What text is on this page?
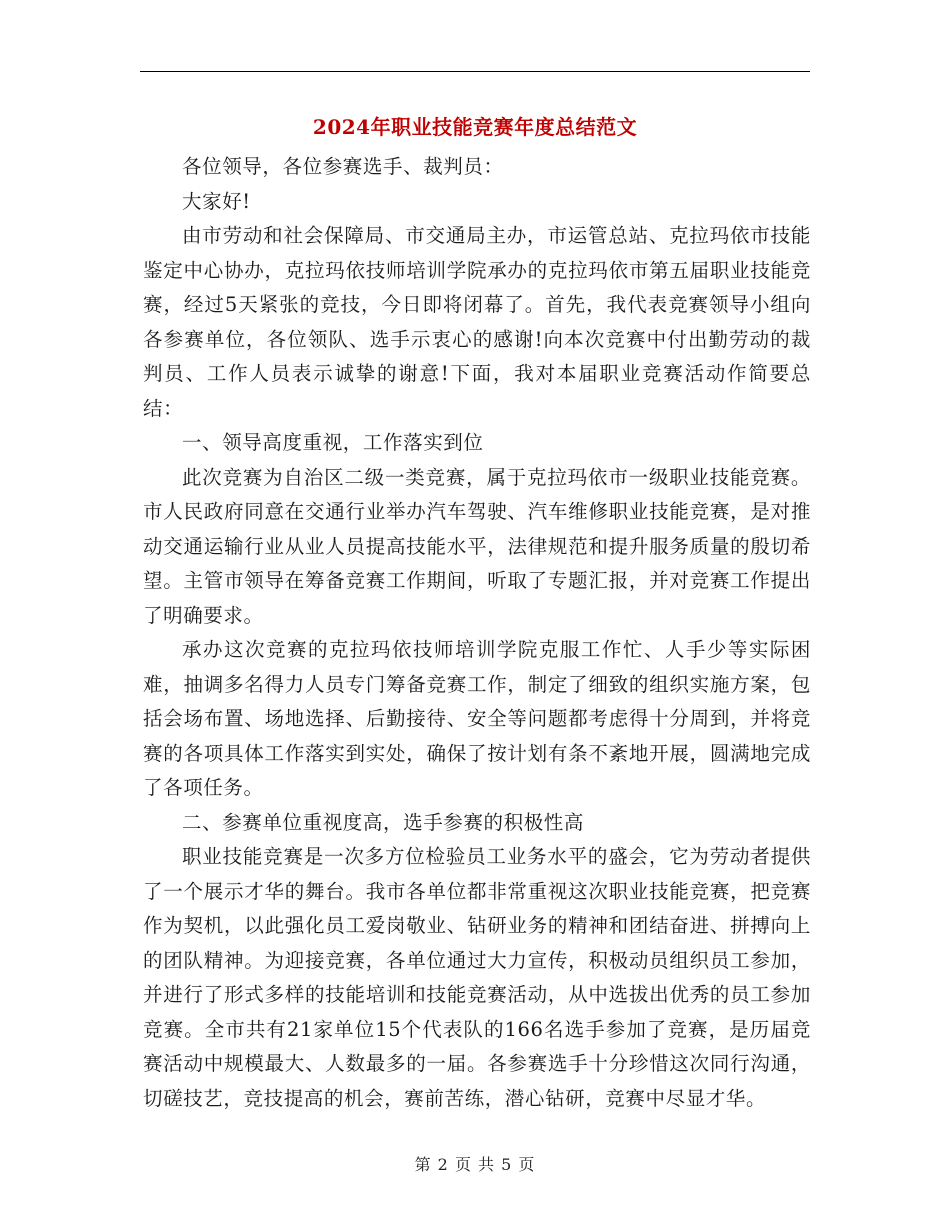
2024年职业技能竞赛年度总结范文

各位领导，各位参赛选手、裁判员：

大家好!

由市劳动和社会保障局、市交通局主办，市运管总站、克拉玛依市技能鉴定中心协办，克拉玛依技师培训学院承办的克拉玛依市第五届职业技能竞赛，经过5天紧张的竞技，今日即将闭幕了。首先，我代表竞赛领导小组向各参赛单位，各位领队、选手示衷心的感谢!向本次竞赛中付出勤劳动的裁判员、工作人员表示诚挚的谢意!下面，我对本届职业竞赛活动作简要总结：

一、领导高度重视，工作落实到位

此次竞赛为自治区二级一类竞赛，属于克拉玛依市一级职业技能竞赛。市人民政府同意在交通行业举办汽车驾驶、汽车维修职业技能竞赛，是对推动交通运输行业从业人员提高技能水平，法律规范和提升服务质量的殷切希望。主管市领导在筹备竞赛工作期间，听取了专题汇报，并对竞赛工作提出了明确要求。

承办这次竞赛的克拉玛依技师培训学院克服工作忙、人手少等实际困难，抽调多名得力人员专门筹备竞赛工作，制定了细致的组织实施方案，包括会场布置、场地选择、后勤接待、安全等问题都考虑得十分周到，并将竞赛的各项具体工作落实到实处，确保了按计划有条不紊地开展，圆满地完成了各项任务。

二、参赛单位重视度高，选手参赛的积极性高

职业技能竞赛是一次多方位检验员工业务水平的盛会，它为劳动者提供了一个展示才华的舞台。我市各单位都非常重视这次职业技能竞赛，把竞赛作为契机，以此强化员工爱岗敬业、钻研业务的精神和团结奋进、拼搏向上的团队精神。为迎接竞赛，各单位通过大力宣传，积极动员组织员工参加，并进行了形式多样的技能培训和技能竞赛活动，从中选拔出优秀的员工参加竞赛。全市共有21家单位15个代表队的166名选手参加了竞赛，是历届竞赛活动中规模最大、人数最多的一届。各参赛选手十分珍惜这次同行沟通，切磋技艺，竞技提高的机会，赛前苦练，潜心钻研，竞赛中尽显才华。

第 2 页 共 5 页
